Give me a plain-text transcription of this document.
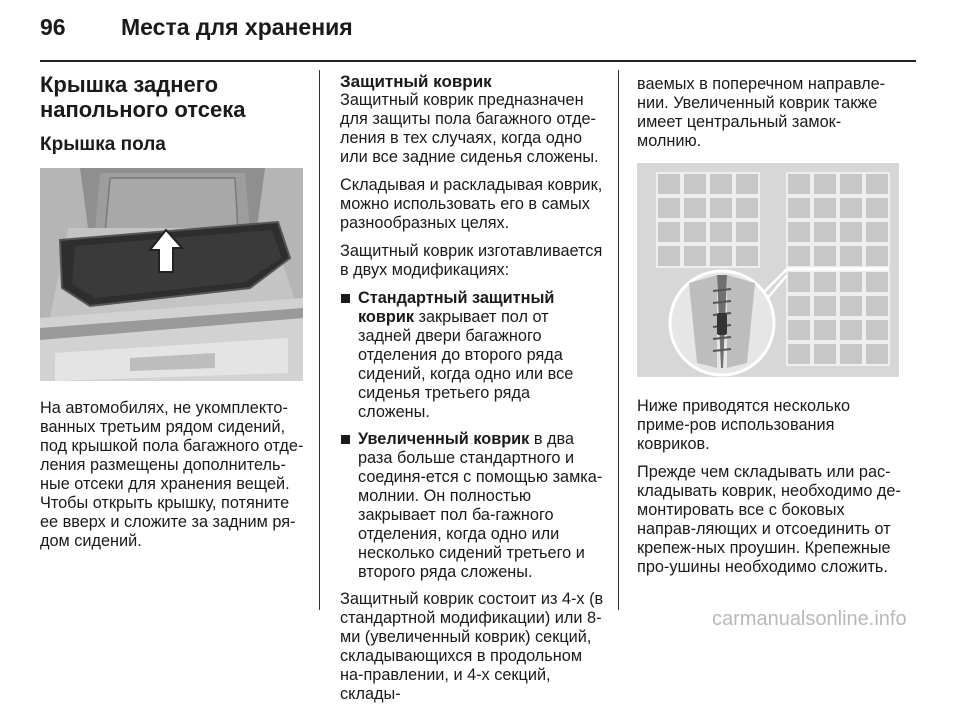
96 Места для хранения
Крышка заднего напольного отсека
Крышка пола

На автомобилях, не укомплекто-ванных третьим рядом сидений, под крышкой пола багажного отде-ления размещены дополнитель-ные отсеки для хранения вещей. Чтобы открыть крышку, потяните ее вверх и сложите за задним ря-дом сидений.

Защитный коврик

Защитный коврик предназначен для защиты пола багажного отде-ления в тех случаях, когда одно или все задние сиденья сложены.

Складывая и раскладывая коврик, можно использовать его в самых разнообразных целях.

Защитный коврик изготавливается в двух модификациях:

Стандартный защитный коврик закрывает пол от задней двери багажного отделения до второго ряда сидений, когда одно или все сиденья третьего ряда сложены.
Увеличенный коврик в два раза больше стандартного и соединя-ется с помощью замка-молнии. Он полностью закрывает пол ба-гажного отделения, когда одно или несколько сидений третьего и второго ряда сложены.

Защитный коврик состоит из 4-х (в стандартной модификации) или 8-ми (увеличенный коврик) секций, складывающихся в продольном на-правлении, и 4-х секций, склады-

ваемых в поперечном направле-нии. Увеличенный коврик также имеет центральный замок-молнию.

Ниже приводятся несколько приме-ров использования ковриков.

Прежде чем складывать или рас-кладывать коврик, необходимо де-монтировать все с боковых направ-ляющих и отсоединить от крепеж-ных проушин. Крепежные про-ушины необходимо сложить.

carmanualsonline.info
